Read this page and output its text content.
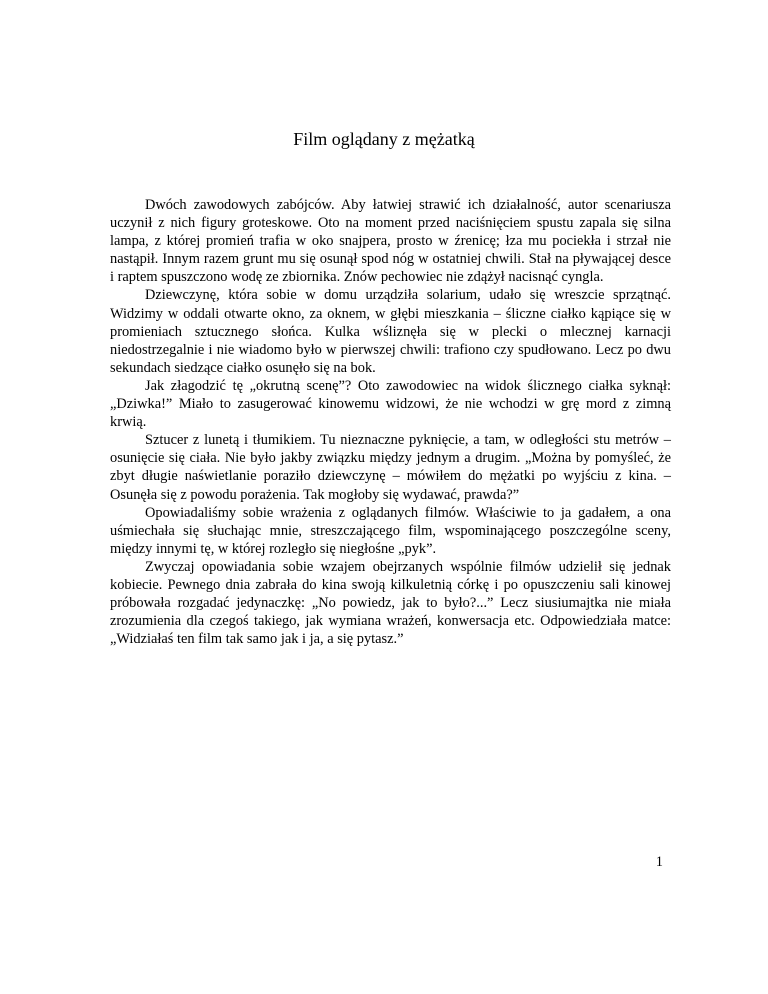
Film oglądany z mężatką

Dwóch zawodowych zabójców. Aby łatwiej strawić ich działalność, autor scenariusza uczynił z nich figury groteskowe. Oto na moment przed naciśnięciem spustu zapala się silna lampa, z której promień trafia w oko snajpera, prosto w źrenicę; łza mu pociekła i strzał nie nastąpił. Innym razem grunt mu się osunął spod nóg w ostatniej chwili. Stał na pływającej desce i raptem spuszczono wodę ze zbiornika. Znów pechowiec nie zdążył nacisnąć cyngla.

Dziewczynę, która sobie w domu urządziła solarium, udało się wreszcie sprzątnąć. Widzimy w oddali otwarte okno, za oknem, w głębi mieszkania – śliczne ciałko kąpiące się w promieniach sztucznego słońca. Kulka wśliznęła się w plecki o mlecznej karnacji niedostrzegalnie i nie wiadomo było w pierwszej chwili: trafiono czy spudłowano. Lecz po dwu sekundach siedzące ciałko osunęło się na bok.

Jak złagodzić tę „okrutną scenę”? Oto zawodowiec na widok ślicznego ciałka syknął: „Dziwka!” Miało to zasugerować kinowemu widzowi, że nie wchodzi w grę mord z zimną krwią.

Sztucer z lunetą i tłumikiem. Tu nieznaczne pyknięcie, a tam, w odległości stu metrów – osunięcie się ciała. Nie było jakby związku między jednym a drugim. „Można by pomyśleć, że zbyt długie naświetlanie poraziło dziewczynę – mówiłem do mężatki po wyjściu z kina. – Osunęła się z powodu porażenia. Tak mogłoby się wydawać, prawda?”

Opowiadaliśmy sobie wrażenia z oglądanych filmów. Właściwie to ja gadałem, a ona uśmiechała się słuchając mnie, streszczającego film, wspominającego poszczególne sceny, między innymi tę, w której rozległo się niegłośne „pyk”.

Zwyczaj opowiadania sobie wzajem obejrzanych wspólnie filmów udzielił się jednak kobiecie. Pewnego dnia zabrała do kina swoją kilkuletnią córkę i po opuszczeniu sali kinowej próbowała rozgadać jedynaczkę: „No powiedz, jak to było?...” Lecz siusiumajtka nie miała zrozumienia dla czegoś takiego, jak wymiana wrażeń, konwersacja etc. Odpowiedziała matce: „Widziałaś ten film tak samo jak i ja, a się pytasz.”

1
